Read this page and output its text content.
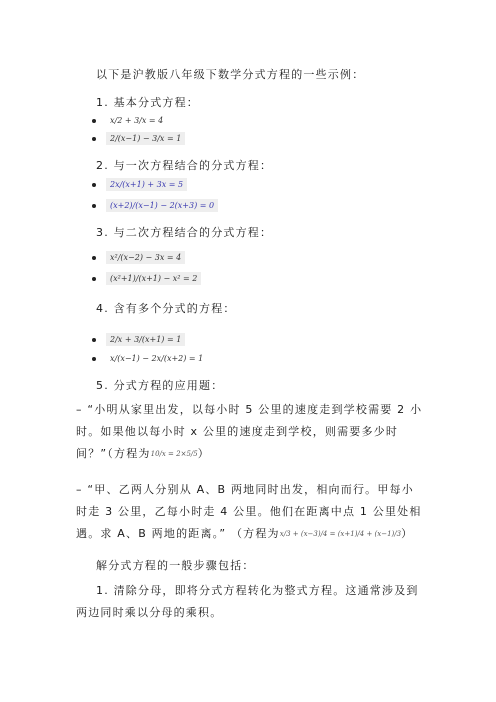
以下是沪教版八年级下数学分式方程的一些示例：
1. 基本分式方程：
x/2 + 3/x = 4
2/(x−1) − 3/x = 1
2. 与一次方程结合的分式方程：
2x/(x+1) + 3x = 5
(x+2)/(x−1) − 2(x+3) = 0
3. 与二次方程结合的分式方程：
x²/(x−2) − 3x = 4
(x²+1)/(x+1) − x² = 2
4. 含有多个分式的方程：
2/x + 3/(x+1) = 1
x/(x−1) − 2x/(x+2) = 1
5. 分式方程的应用题：
– “小明从家里出发，以每小时 5 公里的速度走到学校需要 2 小时。如果他以每小时 x 公里的速度走到学校，则需要多少时间？”（方程为10/x = 2×5/5）
– “甲、乙两人分别从 A、B 两地同时出发，相向而行。甲每小时走 3 公里，乙每小时走 4 公里。他们在距离中点 1 公里处相遇。求 A、B 两地的距离。” （方程为x/3 + (x−3)/4 = (x+1)/4 + (x−1)/3）
解分式方程的一般步骤包括：
1. 清除分母，即将分式方程转化为整式方程。这通常涉及到两边同时乘以分母的乘积。
